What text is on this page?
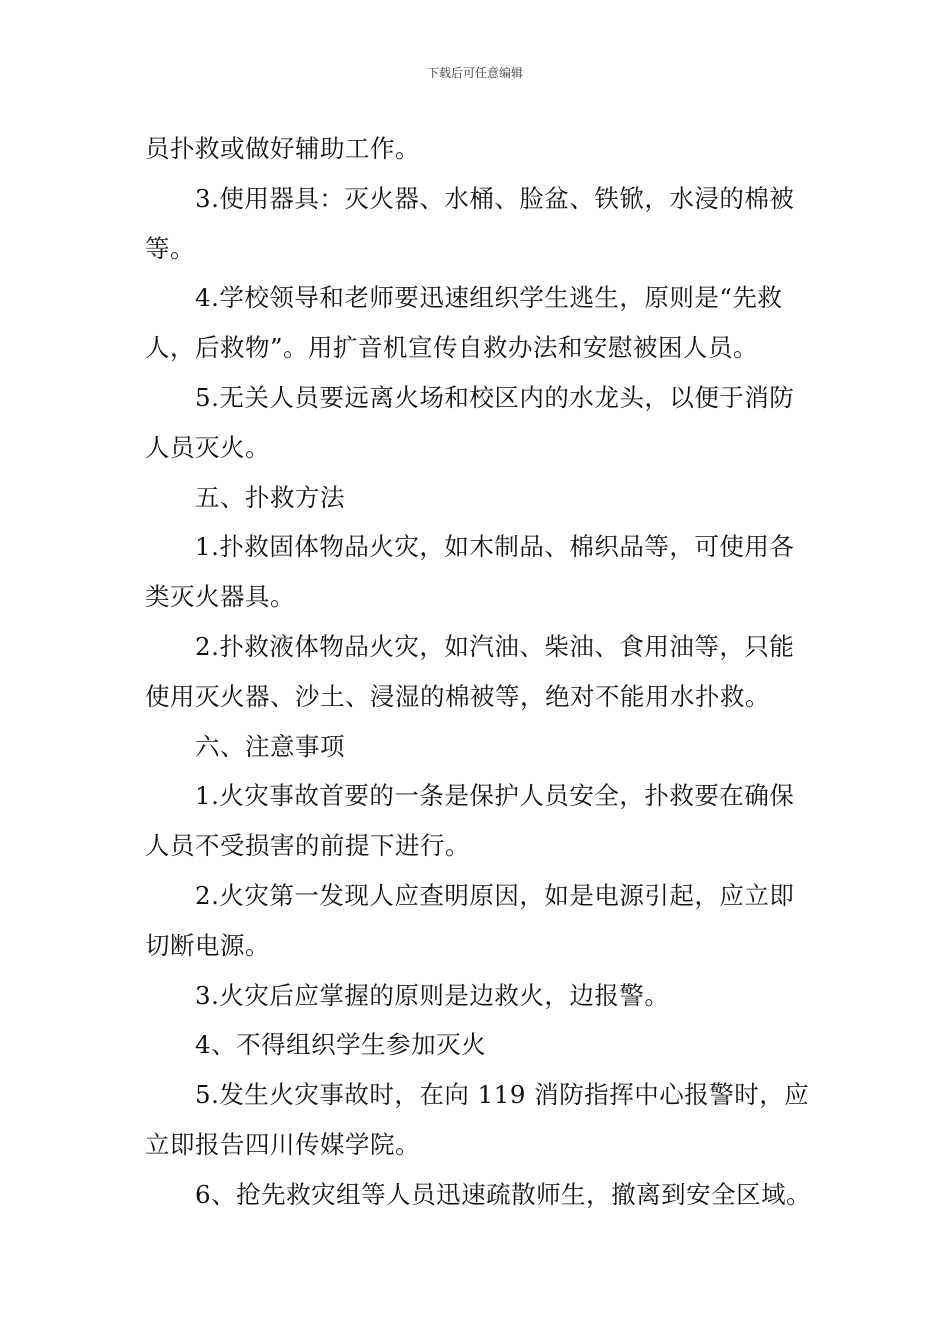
下载后可任意编辑
员扑救或做好辅助工作。
3.使用器具：灭火器、水桶、脸盆、铁锨，水浸的棉被
等。
4.学校领导和老师要迅速组织学生逃生，原则是“先救
人，后救物”。用扩音机宣传自救办法和安慰被困人员。
5.无关人员要远离火场和校区内的水龙头，以便于消防
人员灭火。
五、扑救方法
1.扑救固体物品火灾，如木制品、棉织品等，可使用各
类灭火器具。
2.扑救液体物品火灾，如汽油、柴油、食用油等，只能
使用灭火器、沙土、浸湿的棉被等，绝对不能用水扑救。
六、注意事项
1.火灾事故首要的一条是保护人员安全，扑救要在确保
人员不受损害的前提下进行。
2.火灾第一发现人应查明原因，如是电源引起，应立即
切断电源。
3.火灾后应掌握的原则是边救火，边报警。
4、不得组织学生参加灭火
5.发生火灾事故时，在向 119 消防指挥中心报警时，应
立即报告四川传媒学院。
6、抢先救灾组等人员迅速疏散师生，撤离到安全区域。
